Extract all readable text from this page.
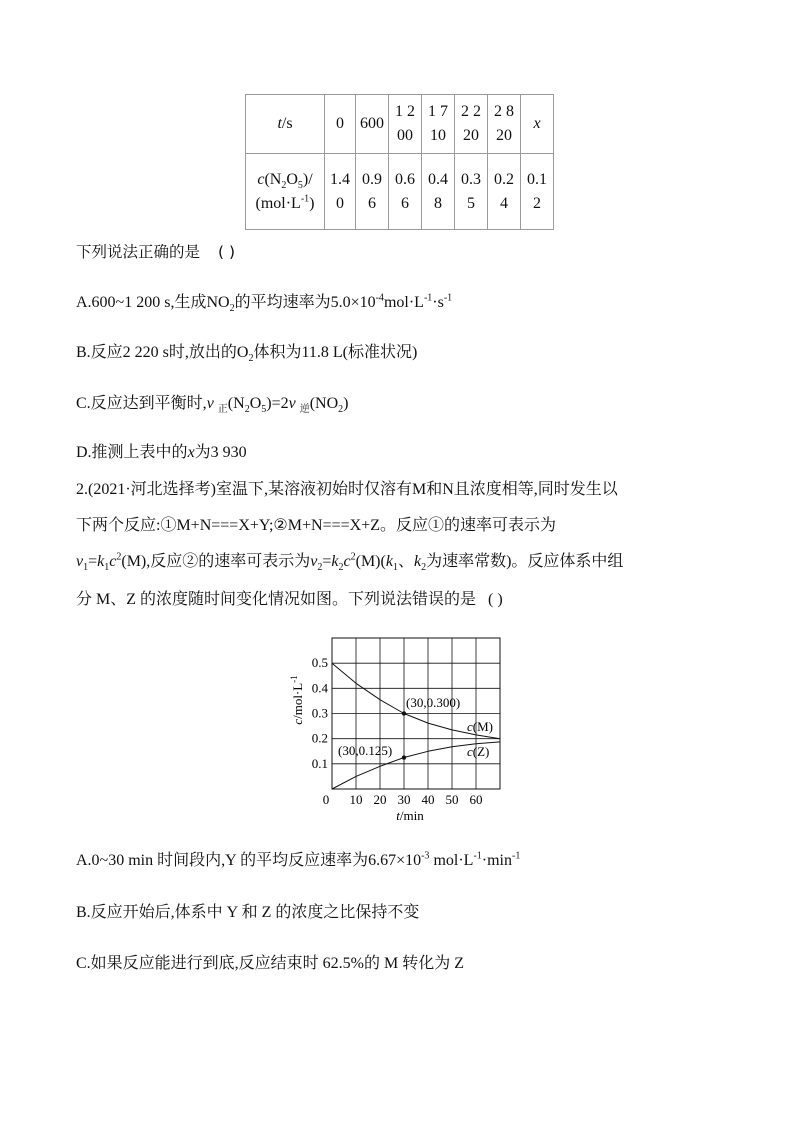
t/s	0	600	1 200	1 710	2 220	2 820	x

$c(N_2O_5)/$
$(mol\cdot L^{-1})$	1.40	0.96	0.66	0.48	0.35	0.24	0.12
下列说法正确的是 ( )
A.600~1 200 s,生成$NO_2$的平均速率为$5.0\times 10^{-4}mol\cdot L^{-1}\cdot s^{-1}$
B.反应2 220 s时,放出的$O_2$体积为11.8 L(标准状况)
C.反应达到平衡时,v $_正(N_2O_5)=2v$ $_逆(NO_2)$
D.推测上表中的x为3 930
2.(2021·河北选择考)室温下,某溶液初始时仅溶有M和N且浓度相等,同时发生以
下两个反应:①M+N===X+Y;②M+N===X+Z。反应①的速率可表示为
$v_1=k_1c^2(M)$,反应②的速率可表示为$v_2=k_2c^2(M)(k_1$、$k_2$为速率常数)。反应体系中组
分 M、Z 的浓度随时间变化情况如图。下列说法错误的是 ( )
0 10 20 30 40 50 60
0.1
0.2
0.3
0.4
0.5
$c/mol\cdot L^{-1}$
t/min
c(M)
c(Z)
(30,0.300)
(30,0.125)
A.0~30 min 时间段内,Y 的平均反应速率为$6.67\times 10^{-3}$ $mol\cdot L^{-1}\cdot\min^{-1}$
B.反应开始后,体系中 Y 和 Z 的浓度之比保持不变
C.如果反应能进行到底,反应结束时 62.5%的 M 转化为 Z
